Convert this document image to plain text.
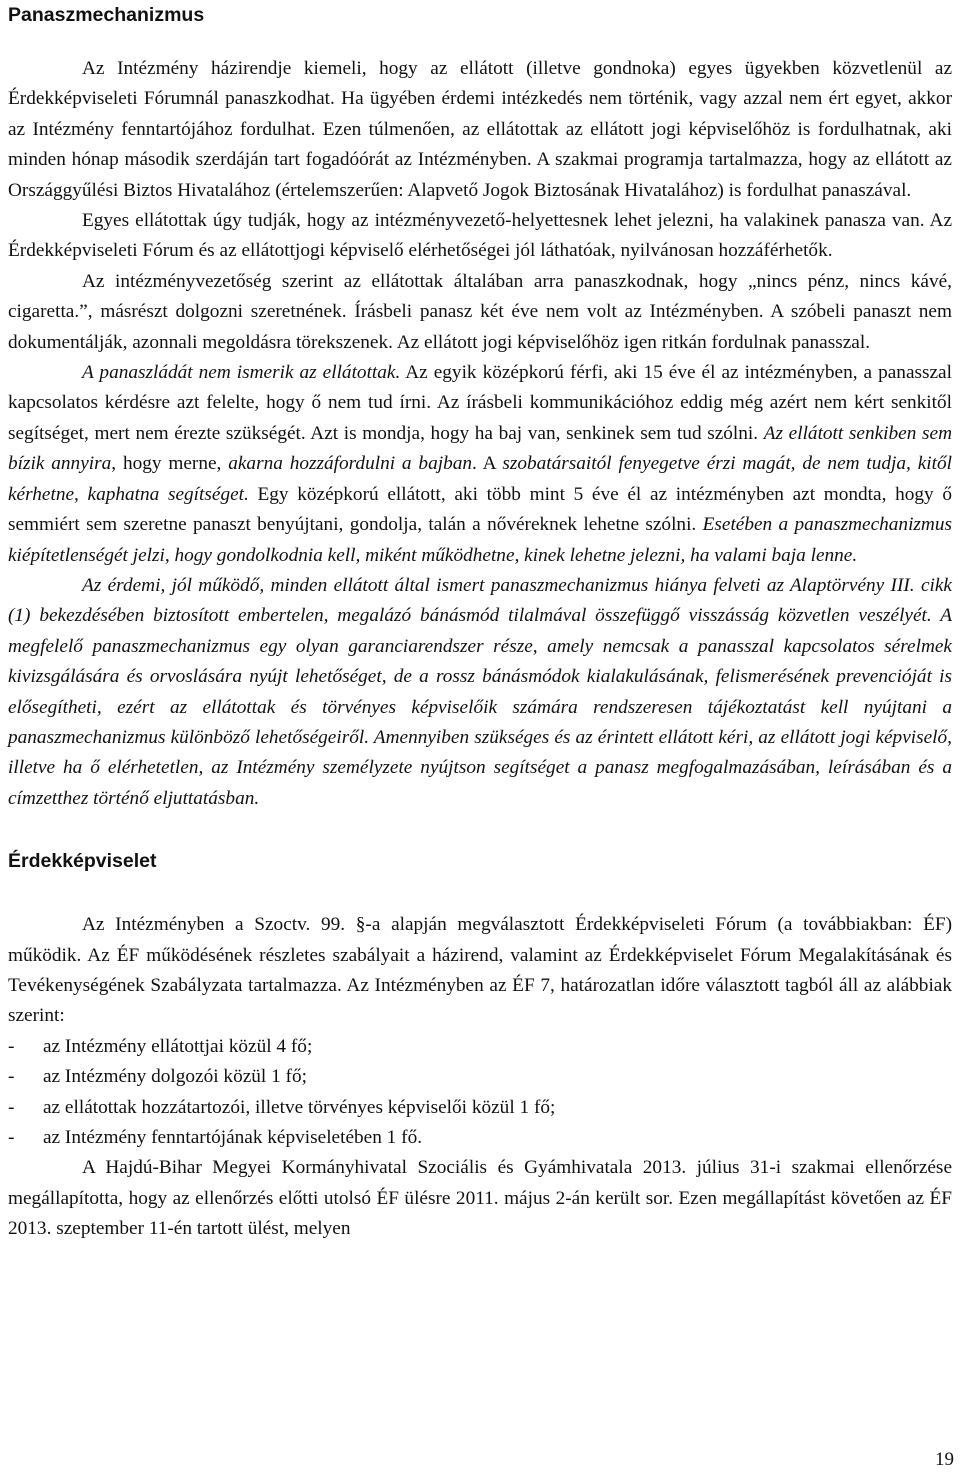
Panaszmechanizmus

Az Intézmény házirendje kiemeli, hogy az ellátott (illetve gondnoka) egyes ügyekben közvetlenül az Érdekképviseleti Fórumnál panaszkodhat. Ha ügyében érdemi intézkedés nem történik, vagy azzal nem ért egyet, akkor az Intézmény fenntartójához fordulhat. Ezen túlmenően, az ellátottak az ellátott jogi képviselőhöz is fordulhatnak, aki minden hónap második szerdáján tart fogadóórát az Intézményben. A szakmai programja tartalmazza, hogy az ellátott az Országgyűlési Biztos Hivatalához (értelemszerűen: Alapvető Jogok Biztosának Hivatalához) is fordulhat panaszával.

Egyes ellátottak úgy tudják, hogy az intézményvezető-helyettesnek lehet jelezni, ha valakinek panasza van. Az Érdekképviseleti Fórum és az ellátottjogi képviselő elérhetőségei jól láthatóak, nyilvánosan hozzáférhetők.

Az intézményvezetőség szerint az ellátottak általában arra panaszkodnak, hogy „nincs pénz, nincs kávé, cigaretta.”, másrészt dolgozni szeretnének. Írásbeli panasz két éve nem volt az Intézményben. A szóbeli panaszt nem dokumentálják, azonnali megoldásra törekszenek. Az ellátott jogi képviselőhöz igen ritkán fordulnak panasszal.

A panaszládát nem ismerik az ellátottak. Az egyik középkorú férfi, aki 15 éve él az intézményben, a panasszal kapcsolatos kérdésre azt felelte, hogy ő nem tud írni. Az írásbeli kommunikációhoz eddig még azért nem kért senkitől segítséget, mert nem érezte szükségét. Azt is mondja, hogy ha baj van, senkinek sem tud szólni. Az ellátott senkiben sem bízik annyira, hogy merne, akarna hozzáfordulni a bajban. A szobatársaitól fenyegetve érzi magát, de nem tudja, kitől kérhetne, kaphatna segítséget. Egy középkorú ellátott, aki több mint 5 éve él az intézményben azt mondta, hogy ő semmiért sem szeretne panaszt benyújtani, gondolja, talán a nővéreknek lehetne szólni. Esetében a panaszmechanizmus kiépítetlenségét jelzi, hogy gondolkodnia kell, miként működhetne, kinek lehetne jelezni, ha valami baja lenne.

Az érdemi, jól működő, minden ellátott által ismert panaszmechanizmus hiánya felveti az Alaptörvény III. cikk (1) bekezdésében biztosított embertelen, megalázó bánásmód tilalmával összefüggő visszásság közvetlen veszélyét. A megfelelő panaszmechanizmus egy olyan garanciarendszer része, amely nemcsak a panasszal kapcsolatos sérelmek kivizsgálására és orvoslására nyújt lehetőséget, de a rossz bánásmódok kialakulásának, felismerésének prevencióját is elősegítheti, ezért az ellátottak és törvényes képviselőik számára rendszeresen tájékoztatást kell nyújtani a panaszmechanizmus különböző lehetőségeiről. Amennyiben szükséges és az érintett ellátott kéri, az ellátott jogi képviselő, illetve ha ő elérhetetlen, az Intézmény személyzete nyújtson segítséget a panasz megfogalmazásában, leírásában és a címzetthez történő eljuttatásban.

Érdekképviselet

Az Intézményben a Szoctv. 99. §-a alapján megválasztott Érdekképviseleti Fórum (a továbbiakban: ÉF) működik. Az ÉF működésének részletes szabályait a házirend, valamint az Érdekképviselet Fórum Megalakításának és Tevékenységének Szabályzata tartalmazza. Az Intézményben az ÉF 7, határozatlan időre választott tagból áll az alábbiak szerint:

-	az Intézmény ellátottjai közül 4 fő;
-	az Intézmény dolgozói közül 1 fő;
-	az ellátottak hozzátartozói, illetve törvényes képviselői közül 1 fő;
-	az Intézmény fenntartójának képviseletében 1 fő.

A Hajdú-Bihar Megyei Kormányhivatal Szociális és Gyámhivatala 2013. július 31-i szakmai ellenőrzése megállapította, hogy az ellenőrzés előtti utolsó ÉF ülésre 2011. május 2-án került sor. Ezen megállapítást követően az ÉF 2013. szeptember 11-én tartott ülést, melyen

19
